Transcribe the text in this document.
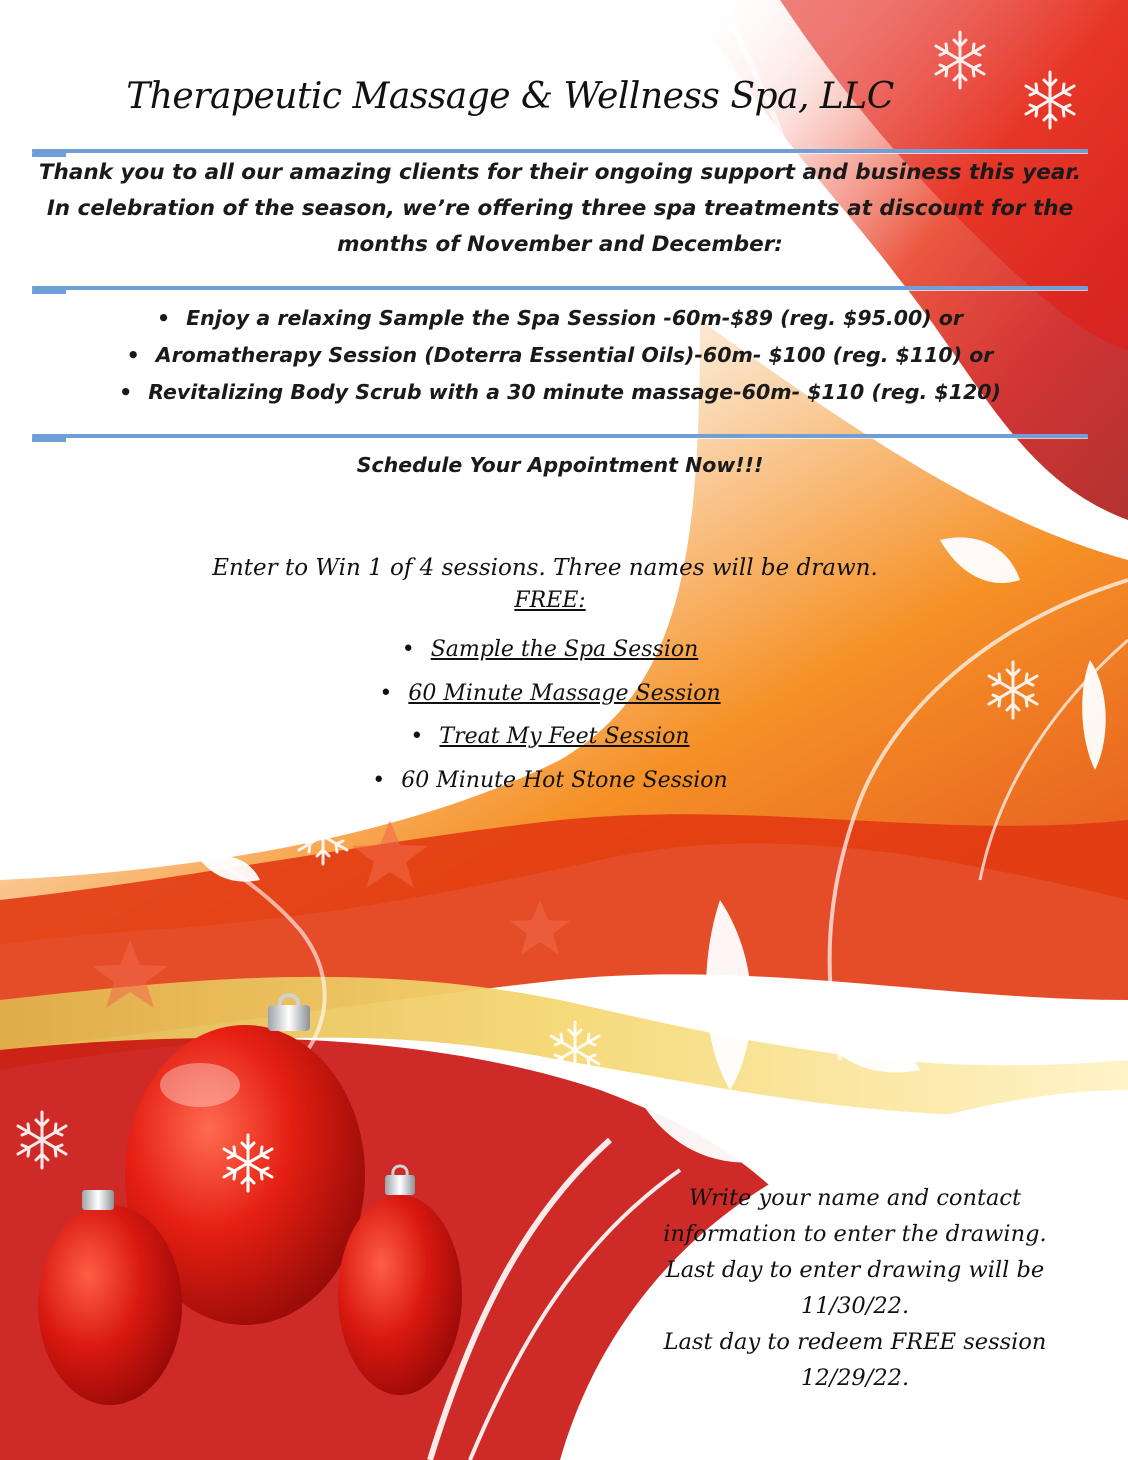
Therapeutic Massage & Wellness Spa, LLC
Thank you to all our amazing clients for their ongoing support and business this year.
In celebration of the season, we’re offering three spa treatments at discount for the
months of November and December:
• Enjoy a relaxing Sample the Spa Session -60m-$89 (reg. $95.00) or
• Aromatherapy Session (Doterra Essential Oils)-60m- $100 (reg. $110) or
• Revitalizing Body Scrub with a 30 minute massage-60m- $110 (reg. $120)
Schedule Your Appointment Now!!!
Enter to Win 1 of 4 sessions. Three names will be drawn.
FREE:
• Sample the Spa Session
• 60 Minute Massage Session
• Treat My Feet Session
• 60 Minute Hot Stone Session
Write your name and contact
information to enter the drawing.
Last day to enter drawing will be
11/30/22.
Last day to redeem FREE session
12/29/22.
